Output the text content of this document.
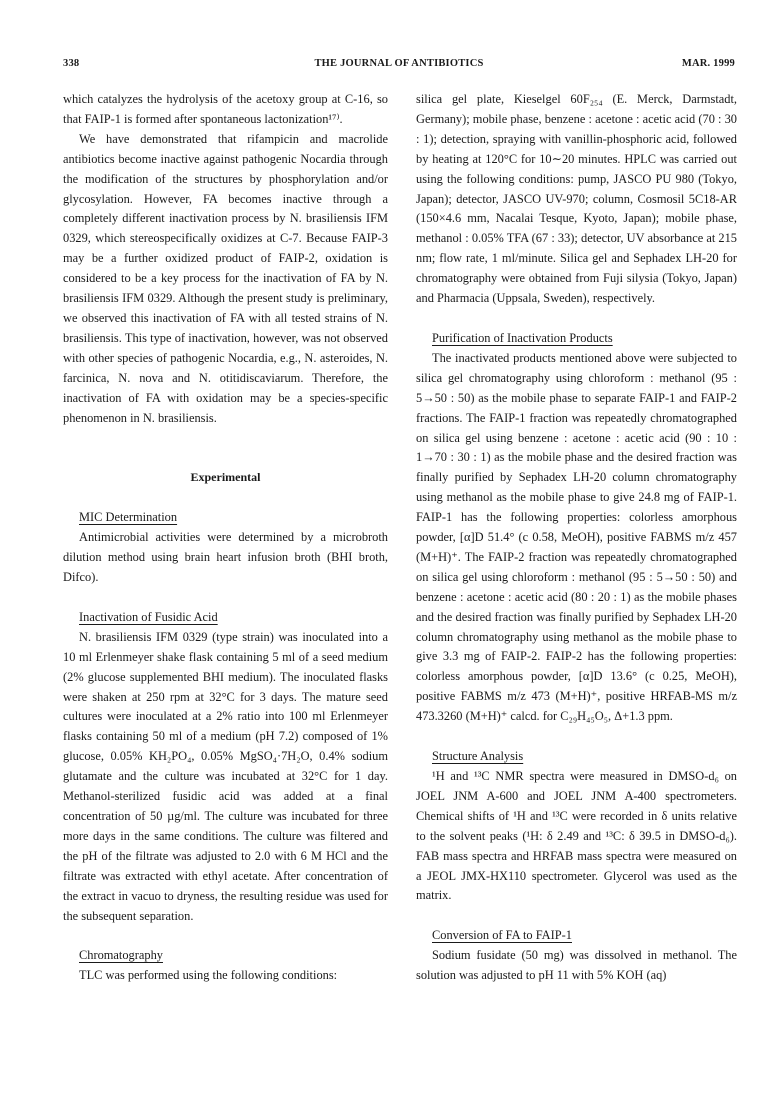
338	THE JOURNAL OF ANTIBIOTICS	MAR. 1999

which catalyzes the hydrolysis of the acetoxy group at C-16, so that FAIP-1 is formed after spontaneous lactonization¹⁷⁾.

We have demonstrated that rifampicin and macrolide antibiotics become inactive against pathogenic Nocardia through the modification of the structures by phosphorylation and/or glycosylation. However, FA becomes inactive through a completely different inactivation process by N. brasiliensis IFM 0329, which stereospecifically oxidizes at C-7. Because FAIP-3 may be a further oxidized product of FAIP-2, oxidation is considered to be a key process for the inactivation of FA by N. brasiliensis IFM 0329. Although the present study is preliminary, we observed this inactivation of FA with all tested strains of N. brasiliensis. This type of inactivation, however, was not observed with other species of pathogenic Nocardia, e.g., N. asteroides, N. farcinica, N. nova and N. otitidiscaviarum. Therefore, the inactivation of FA with oxidation may be a species-specific phenomenon in N. brasiliensis.

Experimental

MIC Determination

Antimicrobial activities were determined by a microbroth dilution method using brain heart infusion broth (BHI broth, Difco).

Inactivation of Fusidic Acid

N. brasiliensis IFM 0329 (type strain) was inoculated into a 10 ml Erlenmeyer shake flask containing 5 ml of a seed medium (2% glucose supplemented BHI medium). The inoculated flasks were shaken at 250 rpm at 32°C for 3 days. The mature seed cultures were inoculated at a 2% ratio into 100 ml Erlenmeyer flasks containing 50 ml of a medium (pH 7.2) composed of 1% glucose, 0.05% KH₂PO₄, 0.05% MgSO₄·7H₂O, 0.4% sodium glutamate and the culture was incubated at 32°C for 1 day. Methanol-sterilized fusidic acid was added at a final concentration of 50 µg/ml. The culture was incubated for three more days in the same conditions. The culture was filtered and the pH of the filtrate was adjusted to 2.0 with 6 M HCl and the filtrate was extracted with ethyl acetate. After concentration of the extract in vacuo to dryness, the resulting residue was used for the subsequent separation.

Chromatography

TLC was performed using the following conditions:

silica gel plate, Kieselgel 60F₂₅₄ (E. Merck, Darmstadt, Germany); mobile phase, benzene : acetone : acetic acid (70 : 30 : 1); detection, spraying with vanillin-phosphoric acid, followed by heating at 120°C for 10∼20 minutes. HPLC was carried out using the following conditions: pump, JASCO PU 980 (Tokyo, Japan); detector, JASCO UV-970; column, Cosmosil 5C18-AR (150×4.6 mm, Nacalai Tesque, Kyoto, Japan); mobile phase, methanol : 0.05% TFA (67 : 33); detector, UV absorbance at 215 nm; flow rate, 1 ml/minute. Silica gel and Sephadex LH-20 for chromatography were obtained from Fuji silysia (Tokyo, Japan) and Pharmacia (Uppsala, Sweden), respectively.

Purification of Inactivation Products

The inactivated products mentioned above were subjected to silica gel chromatography using chloroform : methanol (95 : 5→50 : 50) as the mobile phase to separate FAIP-1 and FAIP-2 fractions. The FAIP-1 fraction was repeatedly chromatographed on silica gel using benzene : acetone : acetic acid (90 : 10 : 1→70 : 30 : 1) as the mobile phase and the desired fraction was finally purified by Sephadex LH-20 column chromatography using methanol as the mobile phase to give 24.8 mg of FAIP-1. FAIP-1 has the following properties: colorless amorphous powder, [α]D 51.4° (c 0.58, MeOH), positive FABMS m/z 457 (M+H)⁺. The FAIP-2 fraction was repeatedly chromatographed on silica gel using chloroform : methanol (95 : 5→50 : 50) and benzene : acetone : acetic acid (80 : 20 : 1) as the mobile phases and the desired fraction was finally purified by Sephadex LH-20 column chromatography using methanol as the mobile phase to give 3.3 mg of FAIP-2. FAIP-2 has the following properties: colorless amorphous powder, [α]D 13.6° (c 0.25, MeOH), positive FABMS m/z 473 (M+H)⁺, positive HRFAB-MS m/z 473.3260 (M+H)⁺ calcd. for C₂₉H₄₅O₅, Δ+1.3 ppm.

Structure Analysis

¹H and ¹³C NMR spectra were measured in DMSO-d₆ on JOEL JNM A-600 and JOEL JNM A-400 spectrometers. Chemical shifts of ¹H and ¹³C were recorded in δ units relative to the solvent peaks (¹H: δ 2.49 and ¹³C: δ 39.5 in DMSO-d₆). FAB mass spectra and HRFAB mass spectra were measured on a JEOL JMX-HX110 spectrometer. Glycerol was used as the matrix.

Conversion of FA to FAIP-1

Sodium fusidate (50 mg) was dissolved in methanol. The solution was adjusted to pH 11 with 5% KOH (aq)
